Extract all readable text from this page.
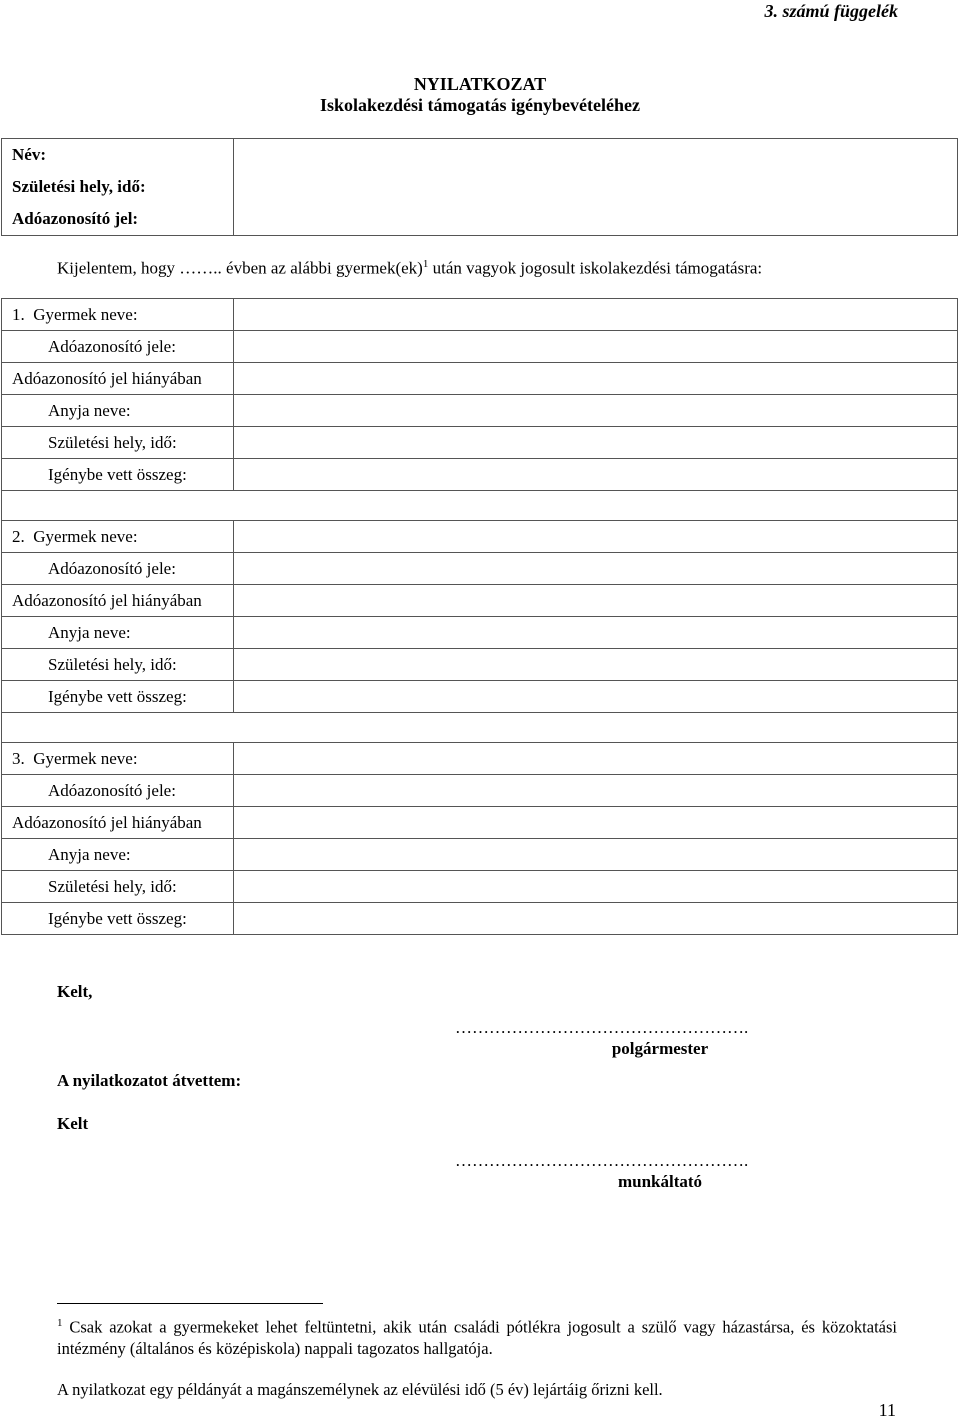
3. számú függelék
NYILATKOZAT
Iskolakezdési támogatás igénybevételéhez
Név:	
Születési hely, idő:
Adóazonosító jel:
Kijelentem, hogy …….. évben az alábbi gyermek(ek)$^1$ után vagyok jogosult iskolakezdési támogatásra:
1. Gyermek neve:	
Adóazonosító jele:	
Adóazonosító jel hiányában	
Anyja neve:	
Születési hely, idő:	
Igénybe vett összeg:	

2. Gyermek neve:	
Adóazonosító jele:	
Adóazonosító jel hiányában	
Anyja neve:	
Születési hely, idő:	
Igénybe vett összeg:	

3. Gyermek neve:	
Adóazonosító jele:	
Adóazonosító jel hiányában	
Anyja neve:	
Születési hely, idő:	
Igénybe vett összeg:	
Kelt,
…………………………………………….
polgármester
A nyilatkozatot átvettem:
Kelt
…………………………………………….
munkáltató
$^1$ Csak azokat a gyermekeket lehet feltüntetni, akik után családi pótlékra jogosult a szülő vagy házastársa, és közoktatási intézmény (általános és középiskola) nappali tagozatos hallgatója.
A nyilatkozat egy példányát a magánszemélynek az elévülési idő (5 év) lejártáig őrizni kell.
11
